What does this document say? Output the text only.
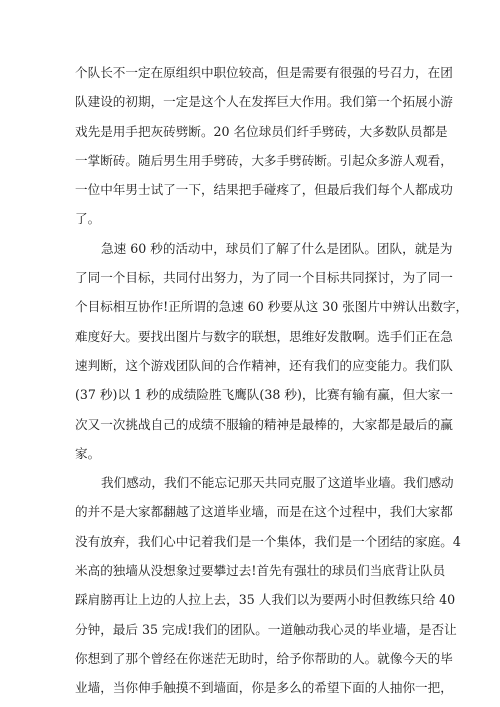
个队长不一定在原组织中职位较高，但是需要有很强的号召力，在团
队建设的初期，一定是这个人在发挥巨大作用。我们第一个拓展小游
戏先是用手把灰砖劈断。20 名位球员们纤手劈砖，大多数队员都是
一掌断砖。随后男生用手劈砖，大多手劈砖断。引起众多游人观看，
一位中年男士试了一下，结果把手碰疼了，但最后我们每个人都成功
了。
急速 60 秒的活动中，球员们了解了什么是团队。团队，就是为
了同一个目标，共同付出努力，为了同一个目标共同探讨，为了同一
个目标相互协作!正所谓的急速 60 秒要从这 30 张图片中辨认出数字，
难度好大。要找出图片与数字的联想，思维好发散啊。选手们正在急
速判断，这个游戏团队间的合作精神，还有我们的应变能力。我们队
(37 秒)以 1 秒的成绩险胜飞鹰队(38 秒)，比赛有输有赢，但大家一
次又一次挑战自己的成绩不服输的精神是最棒的，大家都是最后的赢
家。
我们感动，我们不能忘记那天共同克服了这道毕业墙。我们感动
的并不是大家都翻越了这道毕业墙，而是在这个过程中，我们大家都
没有放弃，我们心中记着我们是一个集体，我们是一个团结的家庭。4
米高的独墙从没想象过要攀过去!首先有强壮的球员们当底背让队员
踩肩膀再让上边的人拉上去，35 人我们以为要两小时但教练只给 40
分钟，最后 35 完成!我们的团队。一道触动我心灵的毕业墙，是否让
你想到了那个曾经在你迷茫无助时，给予你帮助的人。就像今天的毕
业墙，当你伸手触摸不到墙面，你是多么的希望下面的人抽你一把，
